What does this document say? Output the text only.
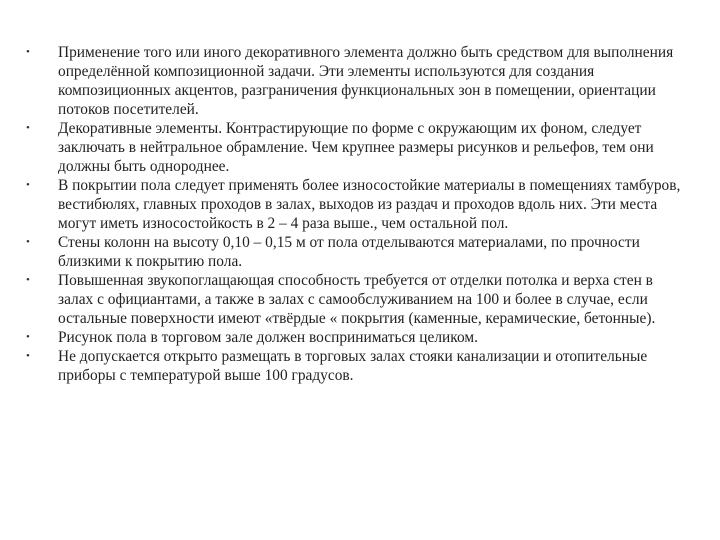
• Применение того или иного декоративного элемента должно быть средством для выполнения определённой композиционной задачи. Эти элементы используются для создания композиционных акцентов, разграничения функциональных зон в помещении, ориентации потоков посетителей.
• Декоративные элементы. Контрастирующие по форме с окружающим их фоном, следует заключать в нейтральное обрамление. Чем крупнее размеры рисунков и рельефов, тем они должны быть однороднее.
• В покрытии пола следует применять более износостойкие материалы в помещениях тамбуров, вестибюлях, главных проходов в залах, выходов из раздач и проходов вдоль них. Эти места могут иметь износостойкость в 2 – 4 раза выше., чем остальной пол.
• Стены колонн на высоту 0,10 – 0,15 м от пола отделываются материалами, по прочности близкими к покрытию пола.
• Повышенная звукопоглащающая способность требуется от отделки потолка и верха стен в залах с официантами, а также в залах с самообслуживанием на 100 и более в случае, если остальные поверхности имеют «твёрдые « покрытия (каменные, керамические, бетонные).
• Рисунок пола в торговом зале должен восприниматься целиком.
• Не допускается открыто размещать в торговых залах стояки канализации и отопительные приборы с температурой выше 100 градусов.
